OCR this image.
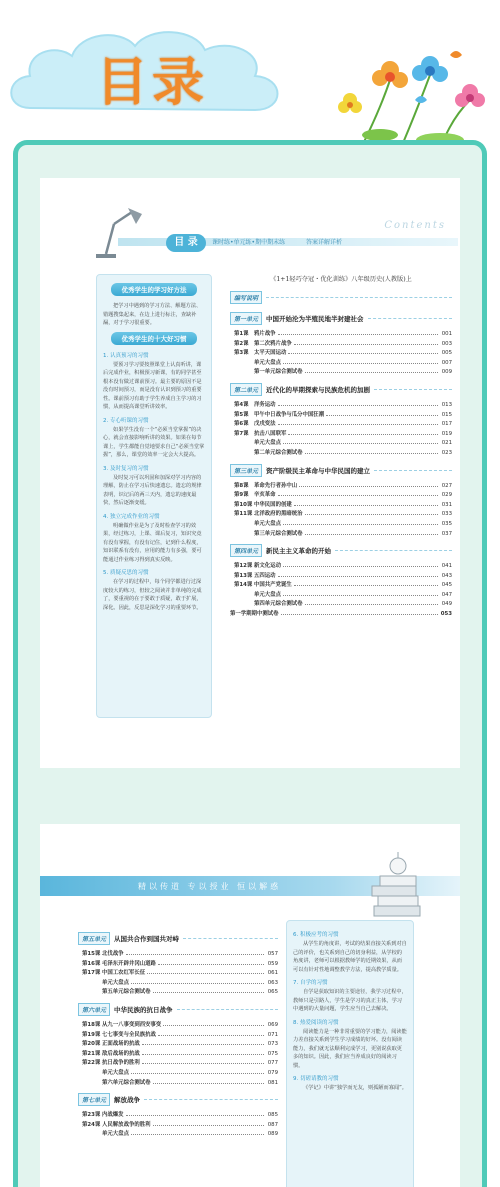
目录
Contents
目 录	课时练•单元练•期中期末练	答案详解详析
优秀学生的学习好方法
把学习中遇到的学习方法、解题方法、错题搜集起来，在边上进行标注，查缺补漏，对于学习很重要。
优秀学生的十大好习惯
1. 认真预习的习惯
要预习学习要按照课堂上认真听讲，课后完成作业，积极预习新课，有的同学甚至根本没有做过课前预习。最主要的原因不是没有时间预习，而是没有认识到预习的重要性。课前预习有助于学生养成自主学习的习惯，从而提高课堂听讲效率。
2. 专心听课的习惯
如果学生没有一个“必须当堂掌握”的决心，就会直接影响听讲的效果。如果在每节课上，学生都能自觉地要求自己“必须当堂掌握”，那么，课堂的效率一定会大大提高。
3. 及时复习的习惯
及时复习可以巩固和加深对学习内容的理解，防止在学习后快速遗忘。遗忘的规律表明，识记后的两三天内，遗忘的速度最快，然后逐渐变缓。
4. 独立完成作业的习惯
明确做作业是为了及时检查学习的效果，经过练习，上课、课后复习，知识究竟有没有掌握，有没有记住，记到什么程度，知识联系有没有，应用的能力有多强，要可能通过作业练习得到真实反映。
5. 质疑反思的习惯
在学习的过程中，每个同学都进行过深度较大的练习，但较之阅读并非单纯的完成了，要重视的在于要敢于质疑，敢于扩展，深化。因此，反思是深化学习的重要环节。
《1+1轻巧夺冠・优化训练》八年级历史(人教版)上
编写说明
第一单元	中国开始沦为半殖民地半封建社会
第1课	鸦片战争	001
第2课	第二次鸦片战争	003
第3课	太平天国运动	005
单元大盘点	007
第一单元综合测试卷	009
第二单元	近代化的早期探索与民族危机的加剧
第4课	洋务运动	013
第5课	甲午中日战争与瓜分中国狂潮	015
第6课	戊戌变法	017
第7课	抗击八国联军	019
单元大盘点	021
第二单元综合测试卷	023
第三单元	资产阶级民主革命与中华民国的建立
第8课	革命先行者孙中山	027
第9课	辛亥革命	029
第10课 中华民国的创建	031
第11课 北洋政府的黑暗统治	033
单元大盘点	035
第三单元综合测试卷	037
第四单元	新民主主义革命的开始
第12课 新文化运动	041
第13课 五四运动	043
第14课 中国共产党诞生	045
单元大盘点	047
第四单元综合测试卷	049
第一学期期中测试卷	053
精以传道 专以授业 恒以解惑
第五单元	从国共合作到国共对峙
第15课 北伐战争	057
第16课 毛泽东开辟井冈山道路	059
第17课 中国工农红军长征	061
单元大盘点	063
第五单元综合测试卷	065
第六单元	中华民族的抗日战争
第18课 从九一八事变到西安事变	069
第19课 七七事变与全民族抗战	071
第20课 正面战场的抗战	073
第21课 敌后战场的抗战	075
第22课 抗日战争的胜利	077
单元大盘点	079
第六单元综合测试卷	081
第七单元	解放战争
第23课 内战爆发	085
第24课 人民解放战争的胜利	087
单元大盘点	089
6. 积极应考的习惯
从学生的角度讲，考试的结果直接关系到对自己的评价，也关系到自己的切身利益，从学校的角度讲，老师可以根据教师学的近期效果，从而可以有针对性地调整教学方法，提高教学质量。
7. 自学的习惯
自学是获取知识的主要途径，我学习过程中，教师只是引路人，学生是学习的真正主体，学习中遇到的大量问题，学生应当自己去解决。
8. 热爱阅读的习惯
阅读能力是一种非常重要的学习能力，阅读能力差直接关系到学生学习成绩的好坏。没有阅读能力，我们就无法顺利完成学习，更别说获取更多的知识。因此，我们应当养成良好的阅读习惯。
9. 切磋请教的习惯
《学记》中讲“独学而无友，则孤陋而寡闻”。
